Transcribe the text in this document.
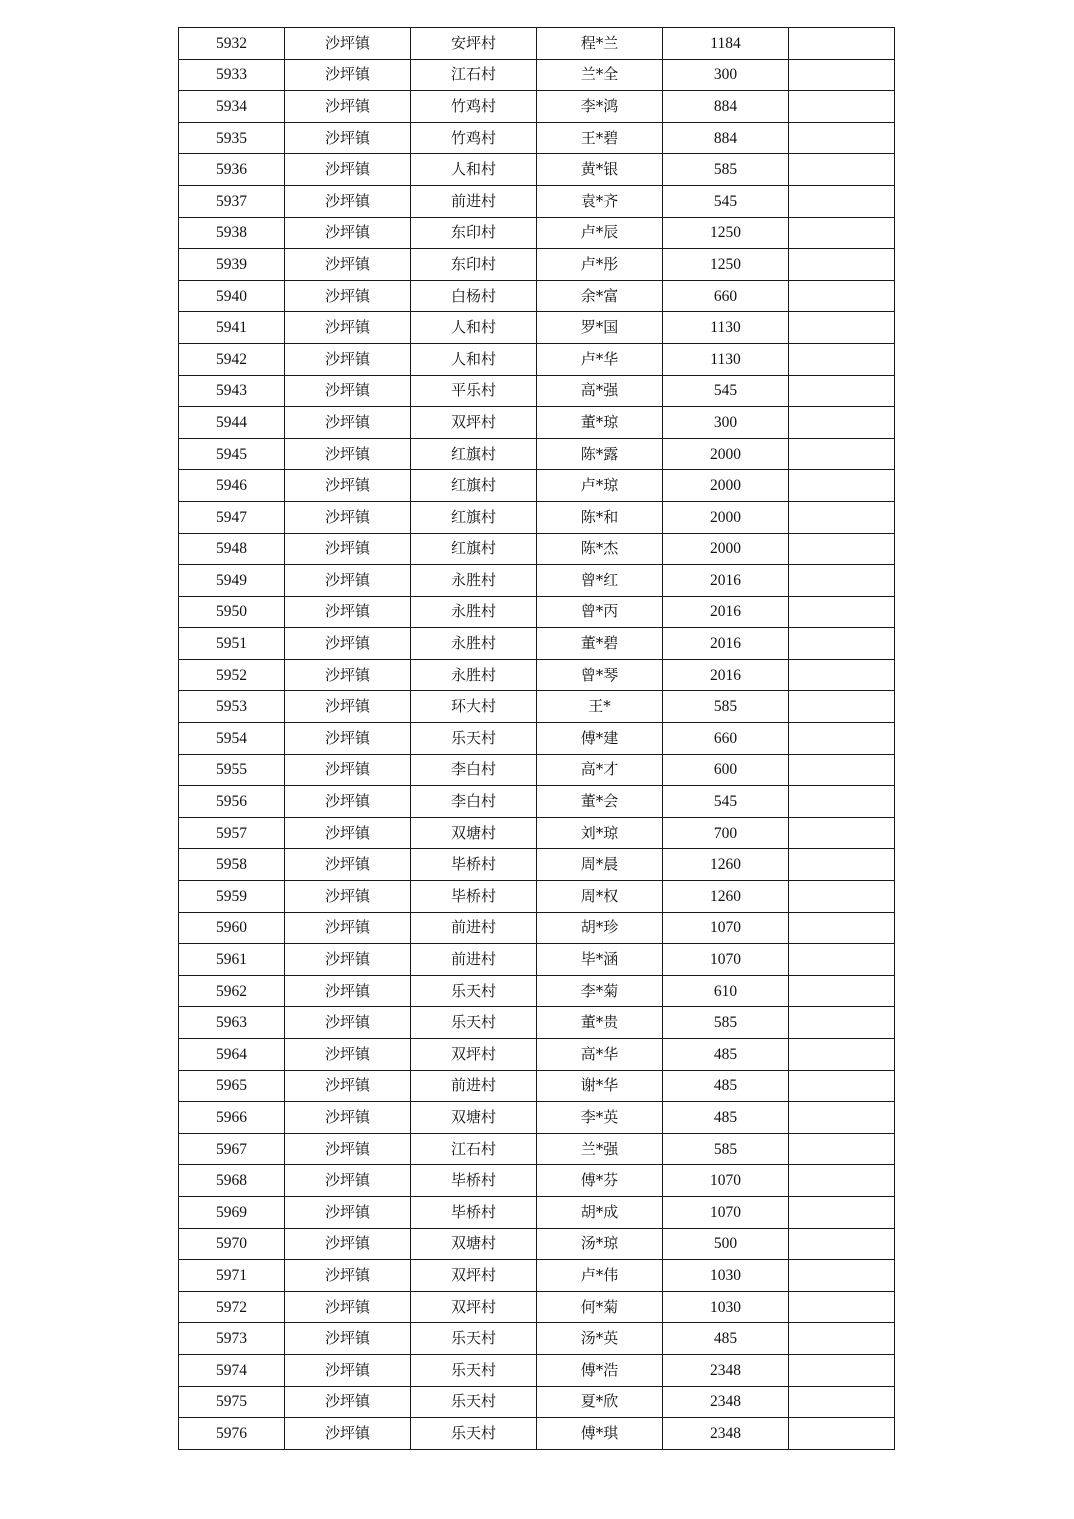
5932	沙坪镇	安坪村	程*兰	1184	
5933	沙坪镇	江石村	兰*全	300	
5934	沙坪镇	竹鸡村	李*鸿	884	
5935	沙坪镇	竹鸡村	王*碧	884	
5936	沙坪镇	人和村	黄*银	585	
5937	沙坪镇	前进村	袁*齐	545	
5938	沙坪镇	东印村	卢*辰	1250	
5939	沙坪镇	东印村	卢*彤	1250	
5940	沙坪镇	白杨村	余*富	660	
5941	沙坪镇	人和村	罗*国	1130	
5942	沙坪镇	人和村	卢*华	1130	
5943	沙坪镇	平乐村	高*强	545	
5944	沙坪镇	双坪村	董*琼	300	
5945	沙坪镇	红旗村	陈*露	2000	
5946	沙坪镇	红旗村	卢*琼	2000	
5947	沙坪镇	红旗村	陈*和	2000	
5948	沙坪镇	红旗村	陈*杰	2000	
5949	沙坪镇	永胜村	曾*红	2016	
5950	沙坪镇	永胜村	曾*丙	2016	
5951	沙坪镇	永胜村	董*碧	2016	
5952	沙坪镇	永胜村	曾*琴	2016	
5953	沙坪镇	环大村	王*	585	
5954	沙坪镇	乐天村	傅*建	660	
5955	沙坪镇	李白村	高*才	600	
5956	沙坪镇	李白村	董*会	545	
5957	沙坪镇	双塘村	刘*琼	700	
5958	沙坪镇	毕桥村	周*晨	1260	
5959	沙坪镇	毕桥村	周*权	1260	
5960	沙坪镇	前进村	胡*珍	1070	
5961	沙坪镇	前进村	毕*涵	1070	
5962	沙坪镇	乐天村	李*菊	610	
5963	沙坪镇	乐天村	董*贵	585	
5964	沙坪镇	双坪村	高*华	485	
5965	沙坪镇	前进村	谢*华	485	
5966	沙坪镇	双塘村	李*英	485	
5967	沙坪镇	江石村	兰*强	585	
5968	沙坪镇	毕桥村	傅*芬	1070	
5969	沙坪镇	毕桥村	胡*成	1070	
5970	沙坪镇	双塘村	汤*琼	500	
5971	沙坪镇	双坪村	卢*伟	1030	
5972	沙坪镇	双坪村	何*菊	1030	
5973	沙坪镇	乐天村	汤*英	485	
5974	沙坪镇	乐天村	傅*浩	2348	
5975	沙坪镇	乐天村	夏*欣	2348	
5976	沙坪镇	乐天村	傅*琪	2348	
